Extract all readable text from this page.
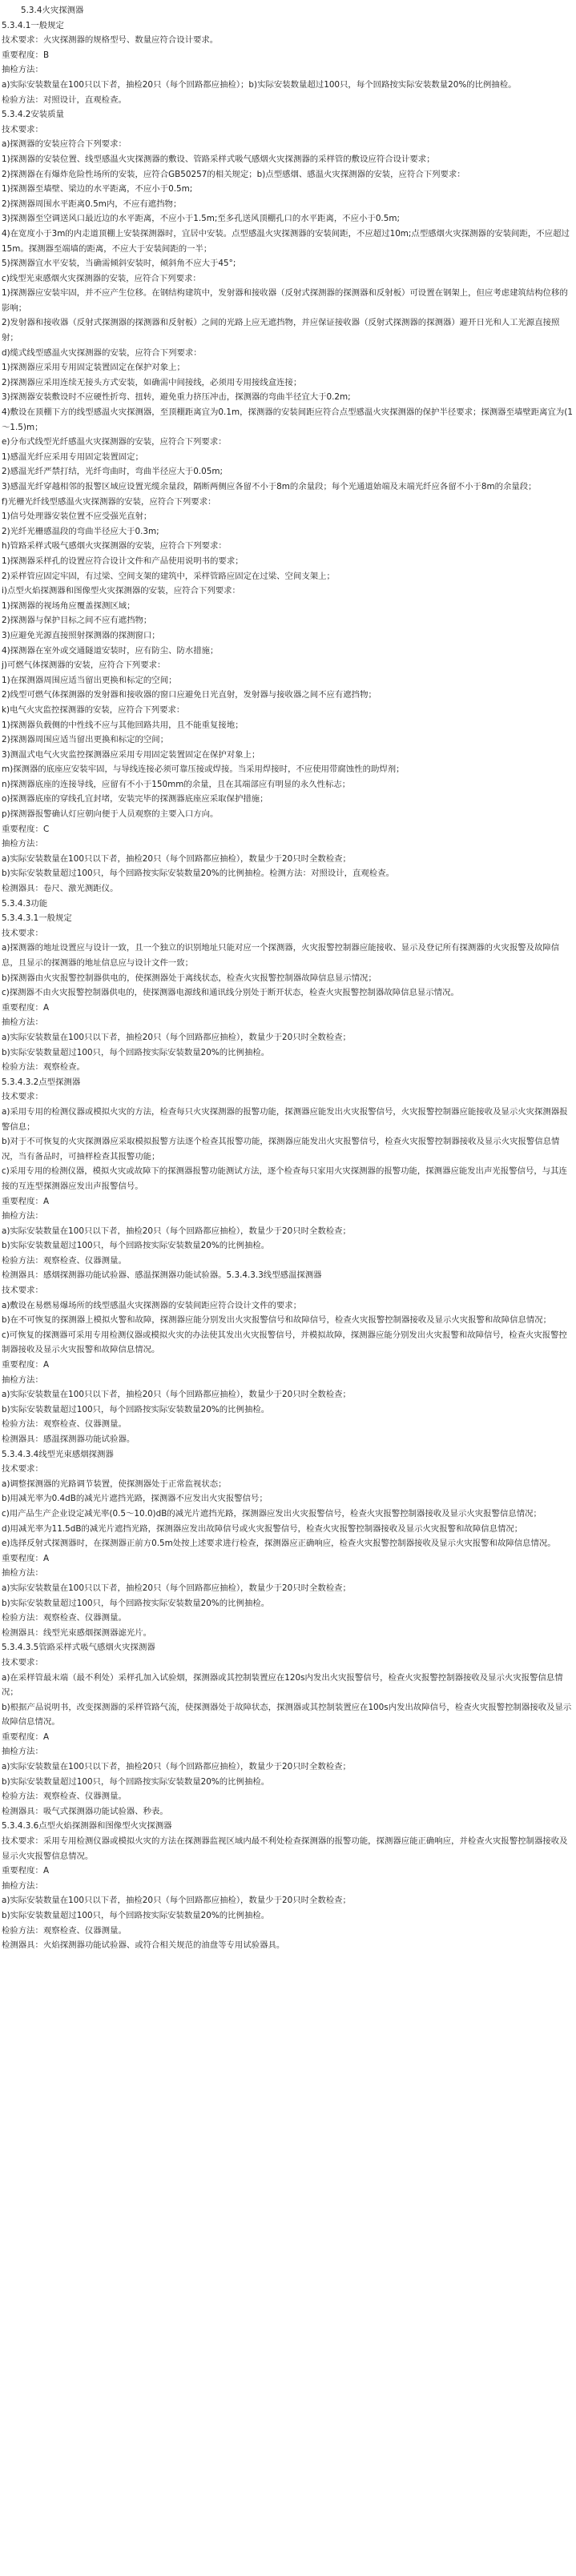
5.3.4火灾探测器

5.3.4.1一般规定

技术要求：火灾探测器的规格型号、数量应符合设计要求。

重要程度：B

抽检方法：

a)实际安装数量在100只以下者，抽检20只（每个回路都应抽检）；b)实际安装数量超过100只，每个回路按实际安装数量20%的比例抽检。

检验方法：对照设计，直观检查。

5.3.4.2安装质量

技术要求：

a)探测器的安装应符合下列要求：

1)探测器的安装位置、线型感温火灾探测器的敷设、管路采样式吸气感烟火灾探测器的采样管的敷设应符合设计要求；

2)探测器在有爆炸危险性场所的安装，应符合GB50257的相关规定；b)点型感烟、感温火灾探测器的安装，应符合下列要求：

1)探测器至墙壁、梁边的水平距离，不应小于0.5m;

2)探测器周围水平距离0.5m内，不应有遮挡物；

3)探测器至空调送风口最近边的水平距离，不应小于1.5m;至多孔送风顶棚孔口的水平距离，不应小于0.5m;

4)在宽度小于3m的内走道顶棚上安装探测器时，宜居中安装。点型感温火灾探测器的安装间距，不应超过10m;点型感烟火灾探测器的安装间距，不应超过15m。探测器至端墙的距离，不应大于安装间距的一半；

5)探测器宜水平安装，当确需倾斜安装时，倾斜角不应大于45°;

c)线型光束感烟火灾探测器的安装，应符合下列要求：

1)探测器应安装牢固，并不应产生位移。在钢结构建筑中，发射器和接收器（反射式探测器的探测器和反射板）可设置在钢架上，但应考虑建筑结构位移的影响；

2)发射器和接收器（反射式探测器的探测器和反射板）之间的光路上应无遮挡物，并应保证接收器（反射式探测器的探测器）避开日光和人工光源直接照射；

d)缆式线型感温火灾探测器的安装，应符合下列要求：

1)探测器应采用专用固定装置固定在保护对象上；

2)探测器应采用连续无接头方式安装，如确需中间接线，必须用专用接线盒连接；

3)探测器安装敷设时不应硬性折弯、扭转，避免重力挤压冲击，探测器的弯曲半径宜大于0.2m;

4)敷设在顶棚下方的线型感温火灾探测器，至顶棚距离宜为0.1m，探测器的安装间距应符合点型感温火灾探测器的保护半径要求；探测器至墙壁距离宜为(1～1.5)m；

e)分布式线型光纤感温火灾探测器的安装，应符合下列要求：

1)感温光纤应采用专用固定装置固定；

2)感温光纤严禁打结，光纤弯曲时，弯曲半径应大于0.05m;

3)感温光纤穿越相邻的报警区域应设置光缆余量段，隔断两侧应各留不小于8m的余量段；每个光通道始端及末端光纤应各留不小于8m的余量段；

f)光栅光纤线型感温火灾探测器的安装，应符合下列要求：

1)信号处理器安装位置不应受强光直射；

2)光纤光栅感温段的弯曲半径应大于0.3m;

h)管路采样式吸气感烟火灾探测器的安装，应符合下列要求：

1)探测器采样孔的设置应符合设计文件和产品使用说明书的要求；

2)采样管应固定牢固，有过梁、空间支架的建筑中，采样管路应固定在过梁、空间支架上；

i)点型火焰探测器和图像型火灾探测器的安装，应符合下列要求：

1)探测器的视场角应覆盖探测区域；

2)探测器与保护目标之间不应有遮挡物；

3)应避免光源直接照射探测器的探测窗口；

4)探测器在室外或交通隧道安装时，应有防尘、防水措施；

j)可燃气体探测器的安装，应符合下列要求：

1)在探测器周围应适当留出更换和标定的空间；

2)线型可燃气体探测器的发射器和接收器的窗口应避免日光直射，发射器与接收器之间不应有遮挡物；

k)电气火灾监控探测器的安装，应符合下列要求：

1)探测器负载侧的中性线不应与其他回路共用，且不能重复接地；

2)探测器周围应适当留出更换和标定的空间；

3)测温式电气火灾监控探测器应采用专用固定装置固定在保护对象上；

m)探测器的底座应安装牢固，与导线连接必须可靠压接或焊接。当采用焊接时，不应使用带腐蚀性的助焊剂；

n)探测器底座的连接导线，应留有不小于150mm的余量，且在其端部应有明显的永久性标志；

o)探测器底座的穿线孔宜封堵，安装完毕的探测器底座应采取保护措施；

p)探测器报警确认灯应朝向便于人员观察的主要入口方向。

重要程度：C

抽检方法：

a)实际安装数量在100只以下者，抽检20只（每个回路都应抽检），数量少于20只时全数检查；

b)实际安装数量超过100只，每个回路按实际安装数量20%的比例抽检。检测方法：对照设计，直观检查。

检测器具：卷尺、激光测距仪。

5.3.4.3功能

5.3.4.3.1一般规定

技术要求：

a)探测器的地址设置应与设计一致，且一个独立的识别地址只能对应一个探测器，火灾报警控制器应能接收、显示及登记所有探测器的火灾报警及故障信息，且显示的探测器的地址信息应与设计文件一致；

b)探测器由火灾报警控制器供电的，使探测器处于离线状态，检查火灾报警控制器故障信息显示情况；

c)探测器不由火灾报警控制器供电的，使探测器电源线和通讯线分别处于断开状态，检查火灾报警控制器故障信息显示情况。

重要程度：A

抽检方法：

a)实际安装数量在100只以下者，抽检20只（每个回路都应抽检），数量少于20只时全数检查；

b)实际安装数量超过100只，每个回路按实际安装数量20%的比例抽检。

检验方法：观察检查。

5.3.4.3.2点型探测器

技术要求：

a)采用专用的检测仪器或模拟火灾的方法，检查每只火灾探测器的报警功能，探测器应能发出火灾报警信号，火灾报警控制器应能接收及显示火灾探测器报警信息；

b)对于不可恢复的火灾探测器应采取模拟报警方法逐个检查其报警功能，探测器应能发出火灾报警信号，检查火灾报警控制器接收及显示火灾报警信息情况，当有备品时，可抽样检查其报警功能；

c)采用专用的检测仪器，模拟火灾或故障下的探测器报警功能测试方法，逐个检查每只家用火灾探测器的报警功能，探测器应能发出声光报警信号，与其连接的互连型探测器应发出声报警信号。

重要程度：A

抽检方法：

a)实际安装数量在100只以下者，抽检20只（每个回路都应抽检），数量少于20只时全数检查；

b)实际安装数量超过100只，每个回路按实际安装数量20%的比例抽检。

检验方法：观察检查、仪器测量。

检测器具：感烟探测器功能试验器、感温探测器功能试验器。5.3.4.3.3线型感温探测器

技术要求：

a)敷设在易燃易爆场所的线型感温火灾探测器的安装间距应符合设计文件的要求；

b)在不可恢复的探测器上模拟火警和故障，探测器应能分别发出火灾报警信号和故障信号，检查火灾报警控制器接收及显示火灾报警和故障信息情况；

c)可恢复的探测器可采用专用检测仪器或模拟火灾的办法使其发出火灾报警信号，并模拟故障，探测器应能分别发出火灾报警和故障信号，检查火灾报警控制器接收及显示火灾报警和故障信息情况。

重要程度：A

抽检方法：

a)实际安装数量在100只以下者，抽检20只（每个回路都应抽检），数量少于20只时全数检查；

b)实际安装数量超过100只，每个回路按实际安装数量20%的比例抽检。

检验方法：观察检查、仪器测量。

检测器具：感温探测器功能试验器。

5.3.4.3.4线型光束感烟探测器

技术要求：

a)调整探测器的光路调节装置，使探测器处于正常监视状态；

b)用减光率为0.4dB的减光片遮挡光路，探测器不应发出火灾报警信号；

c)用产品生产企业设定减光率(0.5～10.0)dB的减光片遮挡光路，探测器应发出火灾报警信号，检查火灾报警控制器接收及显示火灾报警信息情况；

d)用减光率为11.5dB的减光片遮挡光路，探测器应发出故障信号或火灾报警信号，检查火灾报警控制器接收及显示火灾报警和故障信息情况；

e)选择反射式探测器时，在探测器正前方0.5m处按上述要求进行检查，探测器应正确响应，检查火灾报警控制器接收及显示火灾报警和故障信息情况。

重要程度：A

抽检方法：

a)实际安装数量在100只以下者，抽检20只（每个回路都应抽检），数量少于20只时全数检查；

b)实际安装数量超过100只，每个回路按实际安装数量20%的比例抽检。

检验方法：观察检查、仪器测量。

检测器具：线型光束感烟探测器滤光片。

5.3.4.3.5管路采样式吸气感烟火灾探测器

技术要求：

a)在采样管最末端（最不利处）采样孔加入试验烟，探测器或其控制装置应在120s内发出火灾报警信号，检查火灾报警控制器接收及显示火灾报警信息情况；

b)根据产品说明书，改变探测器的采样管路气流，使探测器处于故障状态，探测器或其控制装置应在100s内发出故障信号，检查火灾报警控制器接收及显示故障信息情况。

重要程度：A

抽检方法：

a)实际安装数量在100只以下者，抽检20只（每个回路都应抽检），数量少于20只时全数检查；

b)实际安装数量超过100只，每个回路按实际安装数量20%的比例抽检。

检验方法：观察检查、仪器测量。

检测器具：吸气式探测器功能试验器、秒表。

5.3.4.3.6点型火焰探测器和图像型火灾探测器

技术要求：采用专用检测仪器或模拟火灾的方法在探测器监视区域内最不利处检查探测器的报警功能，探测器应能正确响应，并检查火灾报警控制器接收及显示火灾报警信息情况。

重要程度：A

抽检方法：

a)实际安装数量在100只以下者，抽检20只（每个回路都应抽检），数量少于20只时全数检查；

b)实际安装数量超过100只，每个回路按实际安装数量20%的比例抽检。

检验方法：观察检查、仪器测量。

检测器具：火焰探测器功能试验器、或符合相关规范的油盘等专用试验器具。
